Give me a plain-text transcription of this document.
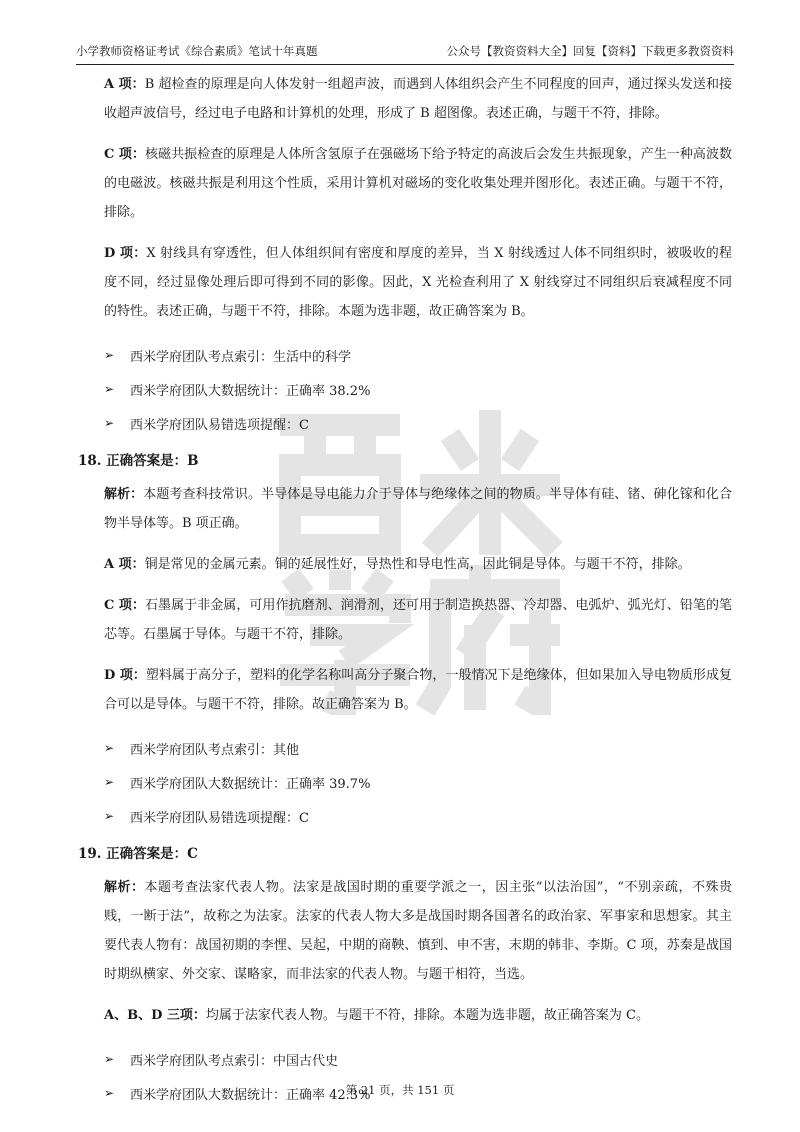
小学教师资格证考试《综合素质》笔试十年真题	公众号【教资资料大全】回复【资料】下载更多教资资料

A 项：B 超检查的原理是向人体发射一组超声波，而遇到人体组织会产生不同程度的回声，通过探头发送和接收超声波信号，经过电子电路和计算机的处理，形成了 B 超图像。表述正确，与题干不符，排除。

C 项：核磁共振检查的原理是人体所含氢原子在强磁场下给予特定的高波后会发生共振现象，产生一种高波数的电磁波。核磁共振是利用这个性质，采用计算机对磁场的变化收集处理并图形化。表述正确。与题干不符，排除。

D 项：X 射线具有穿透性，但人体组织间有密度和厚度的差异，当 X 射线透过人体不同组织时，被吸收的程度不同，经过显像处理后即可得到不同的影像。因此，X 光检查利用了 X 射线穿过不同组织后衰减程度不同的特性。表述正确，与题干不符，排除。本题为选非题，故正确答案为 B。

➢	西米学府团队考点索引：生活中的科学
➢	西米学府团队大数据统计：正确率 38.2%
➢	西米学府团队易错选项提醒：C
18. 正确答案是：B

解析：本题考查科技常识。半导体是导电能力介于导体与绝缘体之间的物质。半导体有硅、锗、砷化镓和化合物半导体等。B 项正确。

A 项：铜是常见的金属元素。铜的延展性好，导热性和导电性高，因此铜是导体。与题干不符，排除。

C 项：石墨属于非金属，可用作抗磨剂、润滑剂，还可用于制造换热器、冷却器、电弧炉、弧光灯、铅笔的笔芯等。石墨属于导体。与题干不符，排除。

D 项：塑料属于高分子，塑料的化学名称叫高分子聚合物，一般情况下是绝缘体，但如果加入导电物质形成复合可以是导体。与题干不符，排除。故正确答案为 B。

➢	西米学府团队考点索引：其他
➢	西米学府团队大数据统计：正确率 39.7%
➢	西米学府团队易错选项提醒：C
19. 正确答案是：C

解析：本题考查法家代表人物。法家是战国时期的重要学派之一，因主张“以法治国”，“不别亲疏，不殊贵贱，一断于法”，故称之为法家。法家的代表人物大多是战国时期各国著名的政治家、军事家和思想家。其主要代表人物有：战国初期的李悝、吴起，中期的商鞅、慎到、申不害，末期的韩非、李斯。C 项，苏秦是战国时期纵横家、外交家、谋略家，而非法家的代表人物。与题干相符，当选。

A、B、D 三项：均属于法家代表人物。与题干不符，排除。本题为选非题，故正确答案为 C。

➢	西米学府团队考点索引：中国古代史
➢	西米学府团队大数据统计：正确率 42.3%
第 21 页，共 151 页
